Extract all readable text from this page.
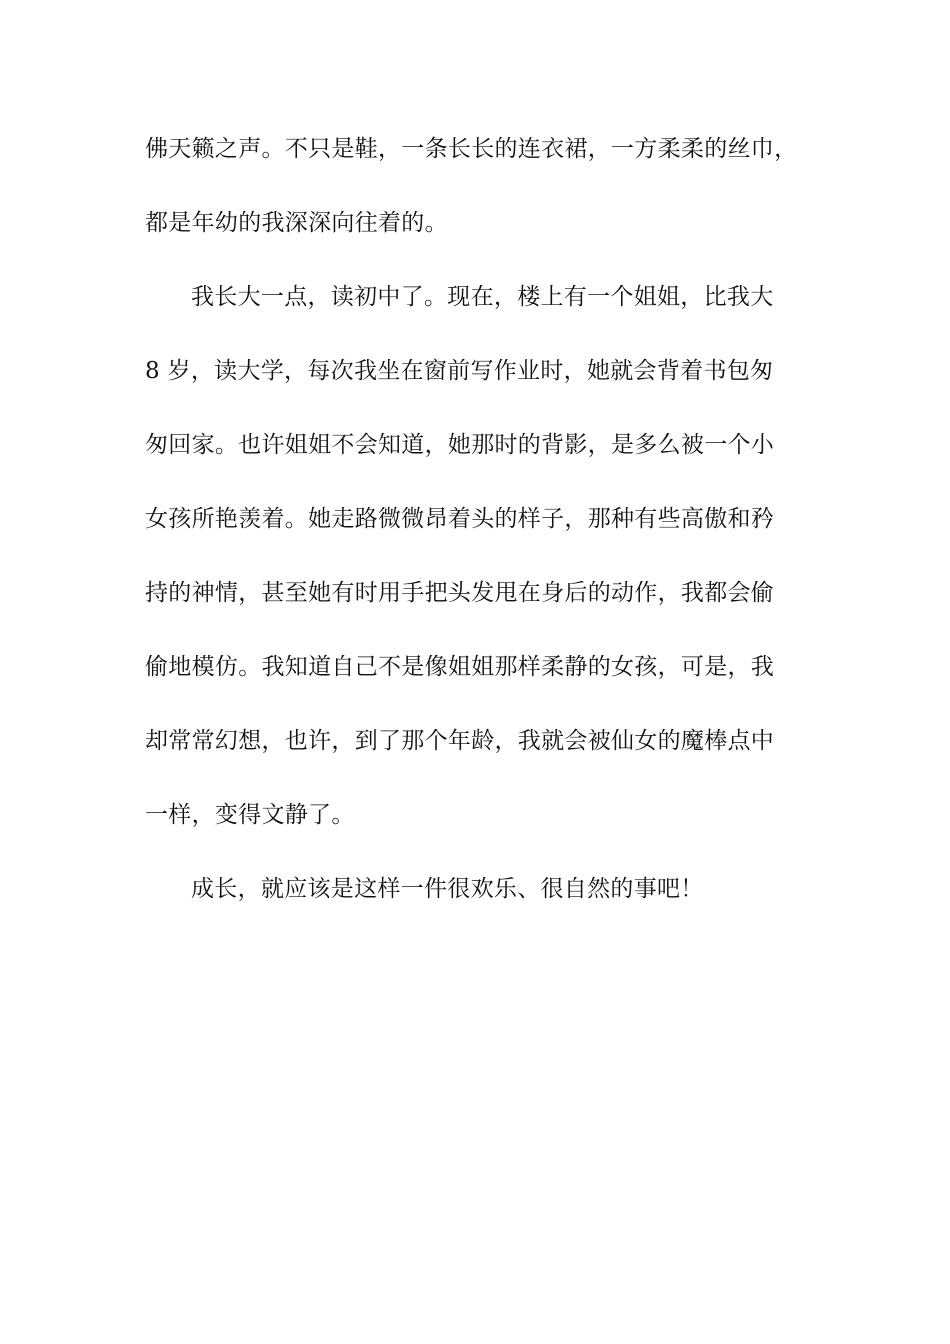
佛天籁之声。不只是鞋，一条长长的连衣裙，一方柔柔的丝巾，
都是年幼的我深深向往着的。
我长大一点，读初中了。现在，楼上有一个姐姐，比我大
8 岁，读大学，每次我坐在窗前写作业时，她就会背着书包匆
匆回家。也许姐姐不会知道，她那时的背影，是多么被一个小
女孩所艳羡着。她走路微微昂着头的样子，那种有些高傲和矜
持的神情，甚至她有时用手把头发甩在身后的动作，我都会偷
偷地模仿。我知道自己不是像姐姐那样柔静的女孩，可是，我
却常常幻想，也许，到了那个年龄，我就会被仙女的魔棒点中
一样，变得文静了。
成长，就应该是这样一件很欢乐、很自然的事吧！
